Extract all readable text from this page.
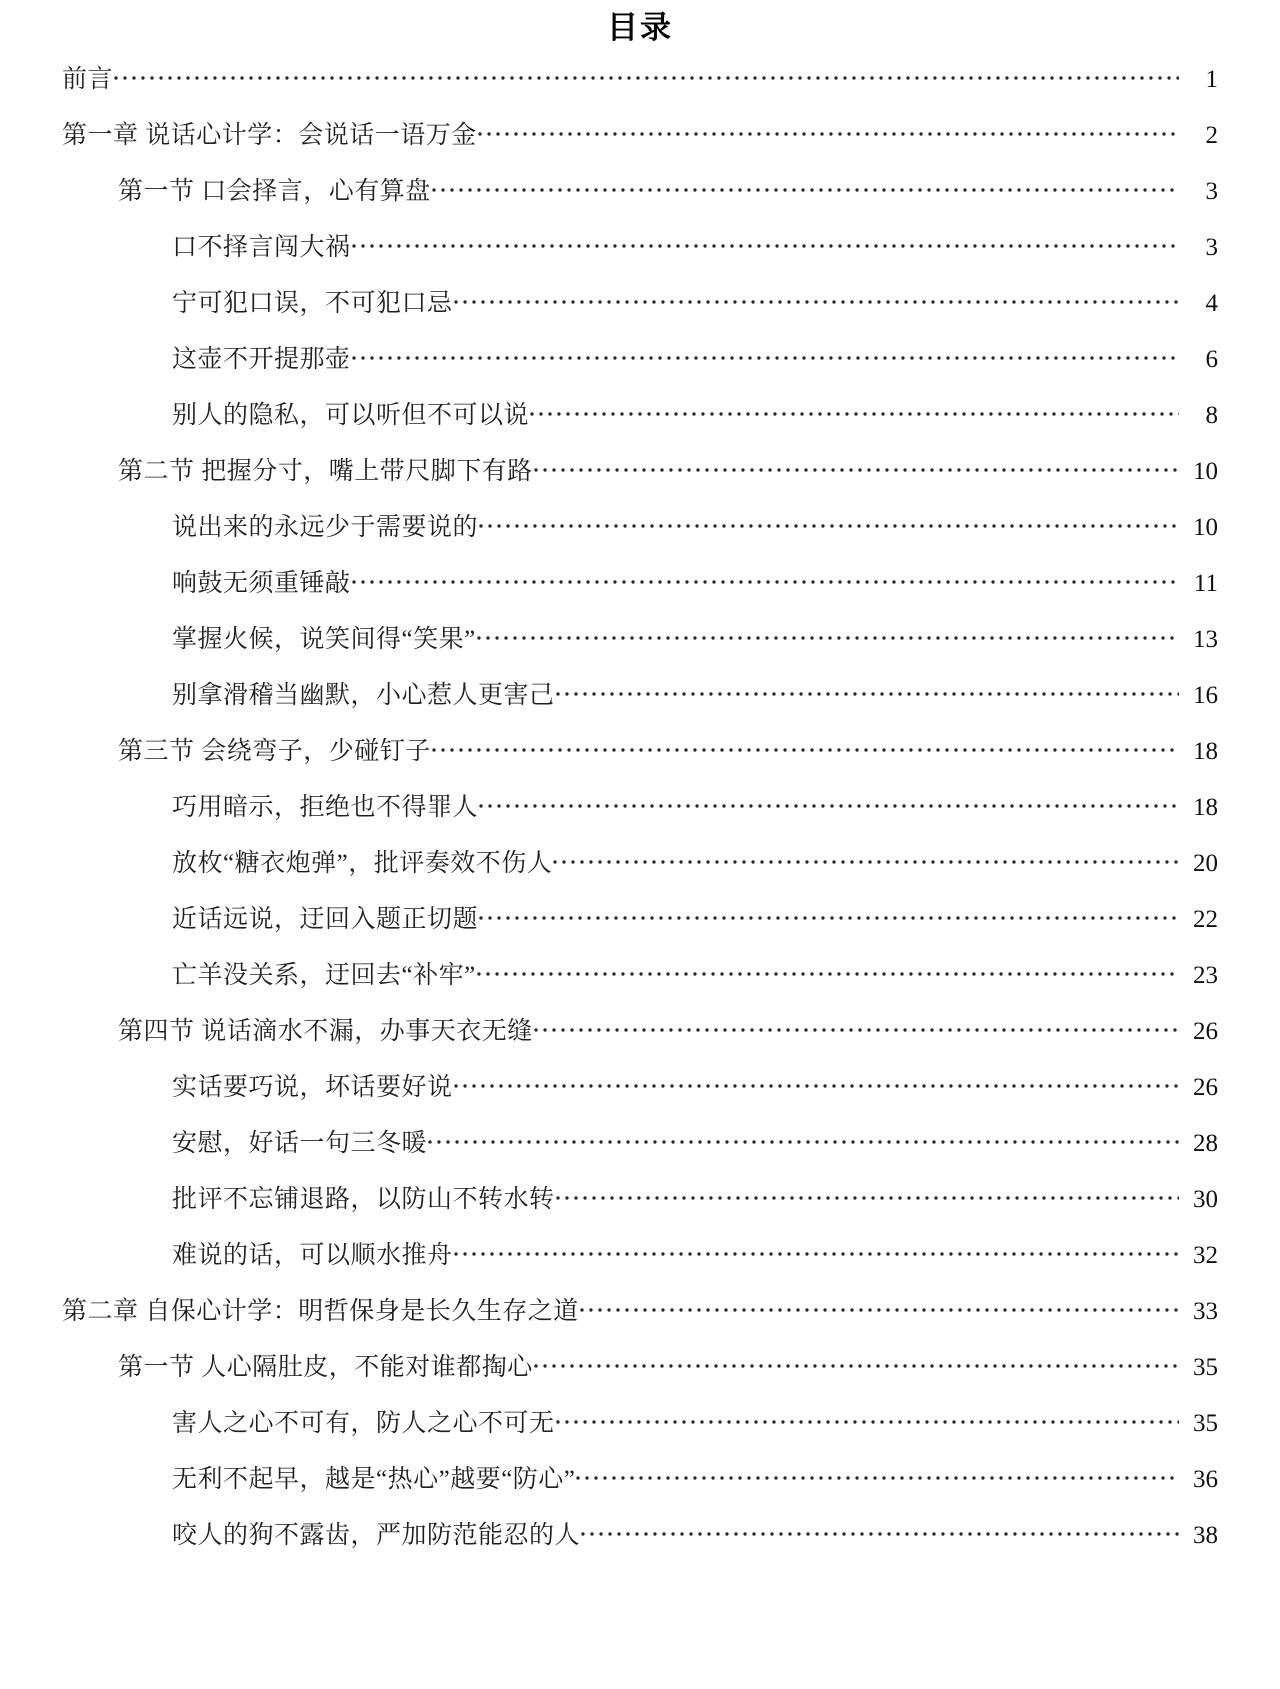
目录
前言	1
第一章 说话心计学：会说话一语万金	2
第一节 口会择言，心有算盘	3
口不择言闯大祸	3
宁可犯口误，不可犯口忌	4
这壶不开提那壶	6
别人的隐私，可以听但不可以说	8
第二节 把握分寸，嘴上带尺脚下有路	10
说出来的永远少于需要说的	10
响鼓无须重锤敲	11
掌握火候，说笑间得“笑果”	13
别拿滑稽当幽默，小心惹人更害己	16
第三节 会绕弯子，少碰钉子	18
巧用暗示，拒绝也不得罪人	18
放枚“糖衣炮弹”，批评奏效不伤人	20
近话远说，迂回入题正切题	22
亡羊没关系，迂回去“补牢”	23
第四节 说话滴水不漏，办事天衣无缝	26
实话要巧说，坏话要好说	26
安慰，好话一句三冬暖	28
批评不忘铺退路，以防山不转水转	30
难说的话，可以顺水推舟	32
第二章 自保心计学：明哲保身是长久生存之道	33
第一节 人心隔肚皮，不能对谁都掏心	35
害人之心不可有，防人之心不可无	35
无利不起早，越是“热心”越要“防心”	36
咬人的狗不露齿，严加防范能忍的人	38
